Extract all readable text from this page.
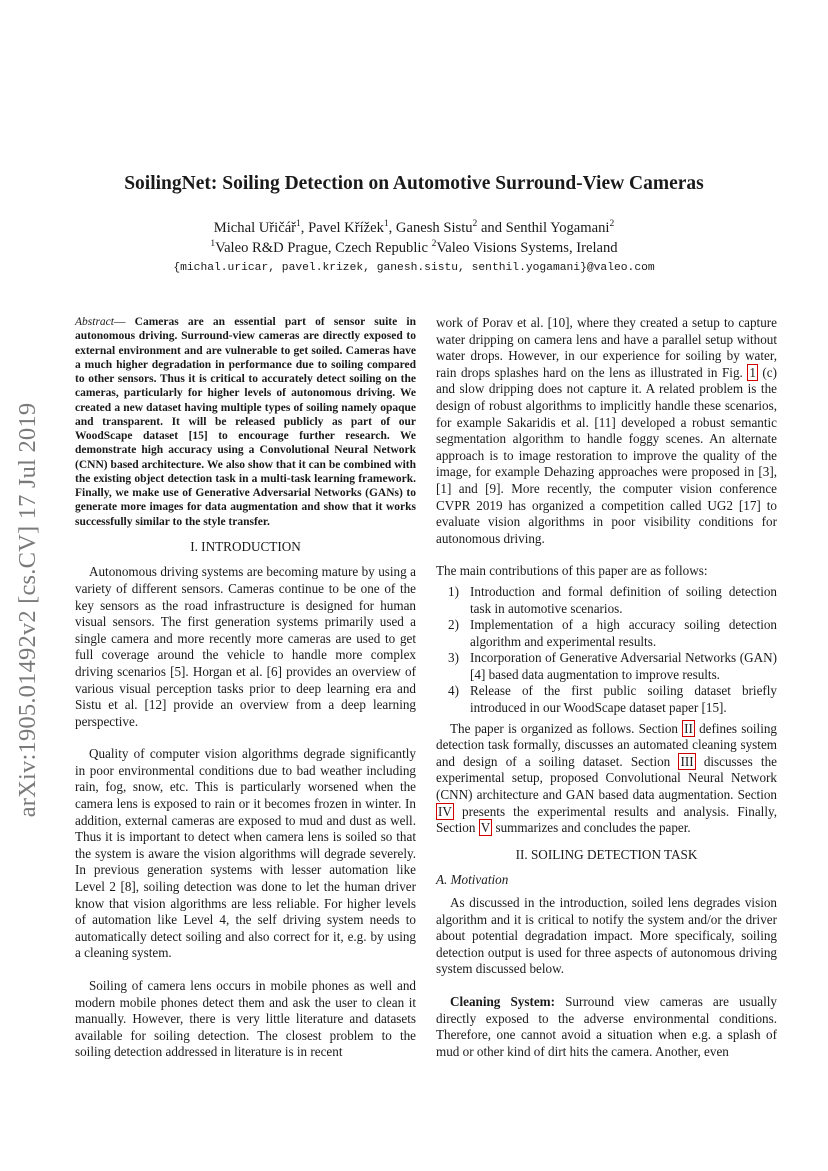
arXiv:1905.01492v2 [cs.CV] 17 Jul 2019
SoilingNet: Soiling Detection on Automotive Surround-View Cameras
Michal Uřičář$^1$, Pavel Křížek$^1$, Ganesh Sistu$^2$ and Senthil Yogamani$^2$
$^1$Valeo R&D Prague, Czech Republic $^2$Valeo Visions Systems, Ireland
{michal.uricar, pavel.krizek, ganesh.sistu, senthil.yogamani}@valeo.com

Abstract— Cameras are an essential part of sensor suite in autonomous driving. Surround-view cameras are directly exposed to external environment and are vulnerable to get soiled. Cameras have a much higher degradation in performance due to soiling compared to other sensors. Thus it is critical to accurately detect soiling on the cameras, particularly for higher levels of autonomous driving. We created a new dataset having multiple types of soiling namely opaque and transparent. It will be released publicly as part of our WoodScape dataset [15] to encourage further research. We demonstrate high accuracy using a Convolutional Neural Network (CNN) based architecture. We also show that it can be combined with the existing object detection task in a multi-task learning framework. Finally, we make use of Generative Adversarial Networks (GANs) to generate more images for data augmentation and show that it works successfully similar to the style transfer.

I. INTRODUCTION

Autonomous driving systems are becoming mature by using a variety of different sensors. Cameras continue to be one of the key sensors as the road infrastructure is designed for human visual sensors. The first generation systems primarily used a single camera and more recently more cameras are used to get full coverage around the vehicle to handle more complex driving scenarios [5]. Horgan et al. [6] provides an overview of various visual perception tasks prior to deep learning era and Sistu et al. [12] provide an overview from a deep learning perspective.

Quality of computer vision algorithms degrade significantly in poor environmental conditions due to bad weather including rain, fog, snow, etc. This is particularly worsened when the camera lens is exposed to rain or it becomes frozen in winter. In addition, external cameras are exposed to mud and dust as well. Thus it is important to detect when camera lens is soiled so that the system is aware the vision algorithms will degrade severely. In previous generation systems with lesser automation like Level 2 [8], soiling detection was done to let the human driver know that vision algorithms are less reliable. For higher levels of automation like Level 4, the self driving system needs to automatically detect soiling and also correct for it, e.g. by using a cleaning system.

Soiling of camera lens occurs in mobile phones as well and modern mobile phones detect them and ask the user to clean it manually. However, there is very little literature and datasets available for soiling detection. The closest problem to the soiling detection addressed in literature is in recent

work of Porav et al. [10], where they created a setup to capture water dripping on camera lens and have a parallel setup without water drops. However, in our experience for soiling by water, rain drops splashes hard on the lens as illustrated in Fig. 1 (c) and slow dripping does not capture it. A related problem is the design of robust algorithms to implicitly handle these scenarios, for example Sakaridis et al. [11] developed a robust semantic segmentation algorithm to handle foggy scenes. An alternate approach is to image restoration to improve the quality of the image, for example Dehazing approaches were proposed in [3], [1] and [9]. More recently, the computer vision conference CVPR 2019 has organized a competition called UG2 [17] to evaluate vision algorithms in poor visibility conditions for autonomous driving.

The main contributions of this paper are as follows:

1) Introduction and formal definition of soiling detection task in automotive scenarios.
2) Implementation of a high accuracy soiling detection algorithm and experimental results.
3) Incorporation of Generative Adversarial Networks (GAN) [4] based data augmentation to improve results.
4) Release of the first public soiling dataset briefly introduced in our WoodScape dataset paper [15].

The paper is organized as follows. Section II defines soiling detection task formally, discusses an automated cleaning system and design of a soiling dataset. Section III discusses the experimental setup, proposed Convolutional Neural Network (CNN) architecture and GAN based data augmentation. Section IV presents the experimental results and analysis. Finally, Section V summarizes and concludes the paper.

II. SOILING DETECTION TASK
A. Motivation

As discussed in the introduction, soiled lens degrades vision algorithm and it is critical to notify the system and/or the driver about potential degradation impact. More specificaly, soiling detection output is used for three aspects of autonomous driving system discussed below.

Cleaning System: Surround view cameras are usually directly exposed to the adverse environmental conditions. Therefore, one cannot avoid a situation when e.g. a splash of mud or other kind of dirt hits the camera. Another, even
